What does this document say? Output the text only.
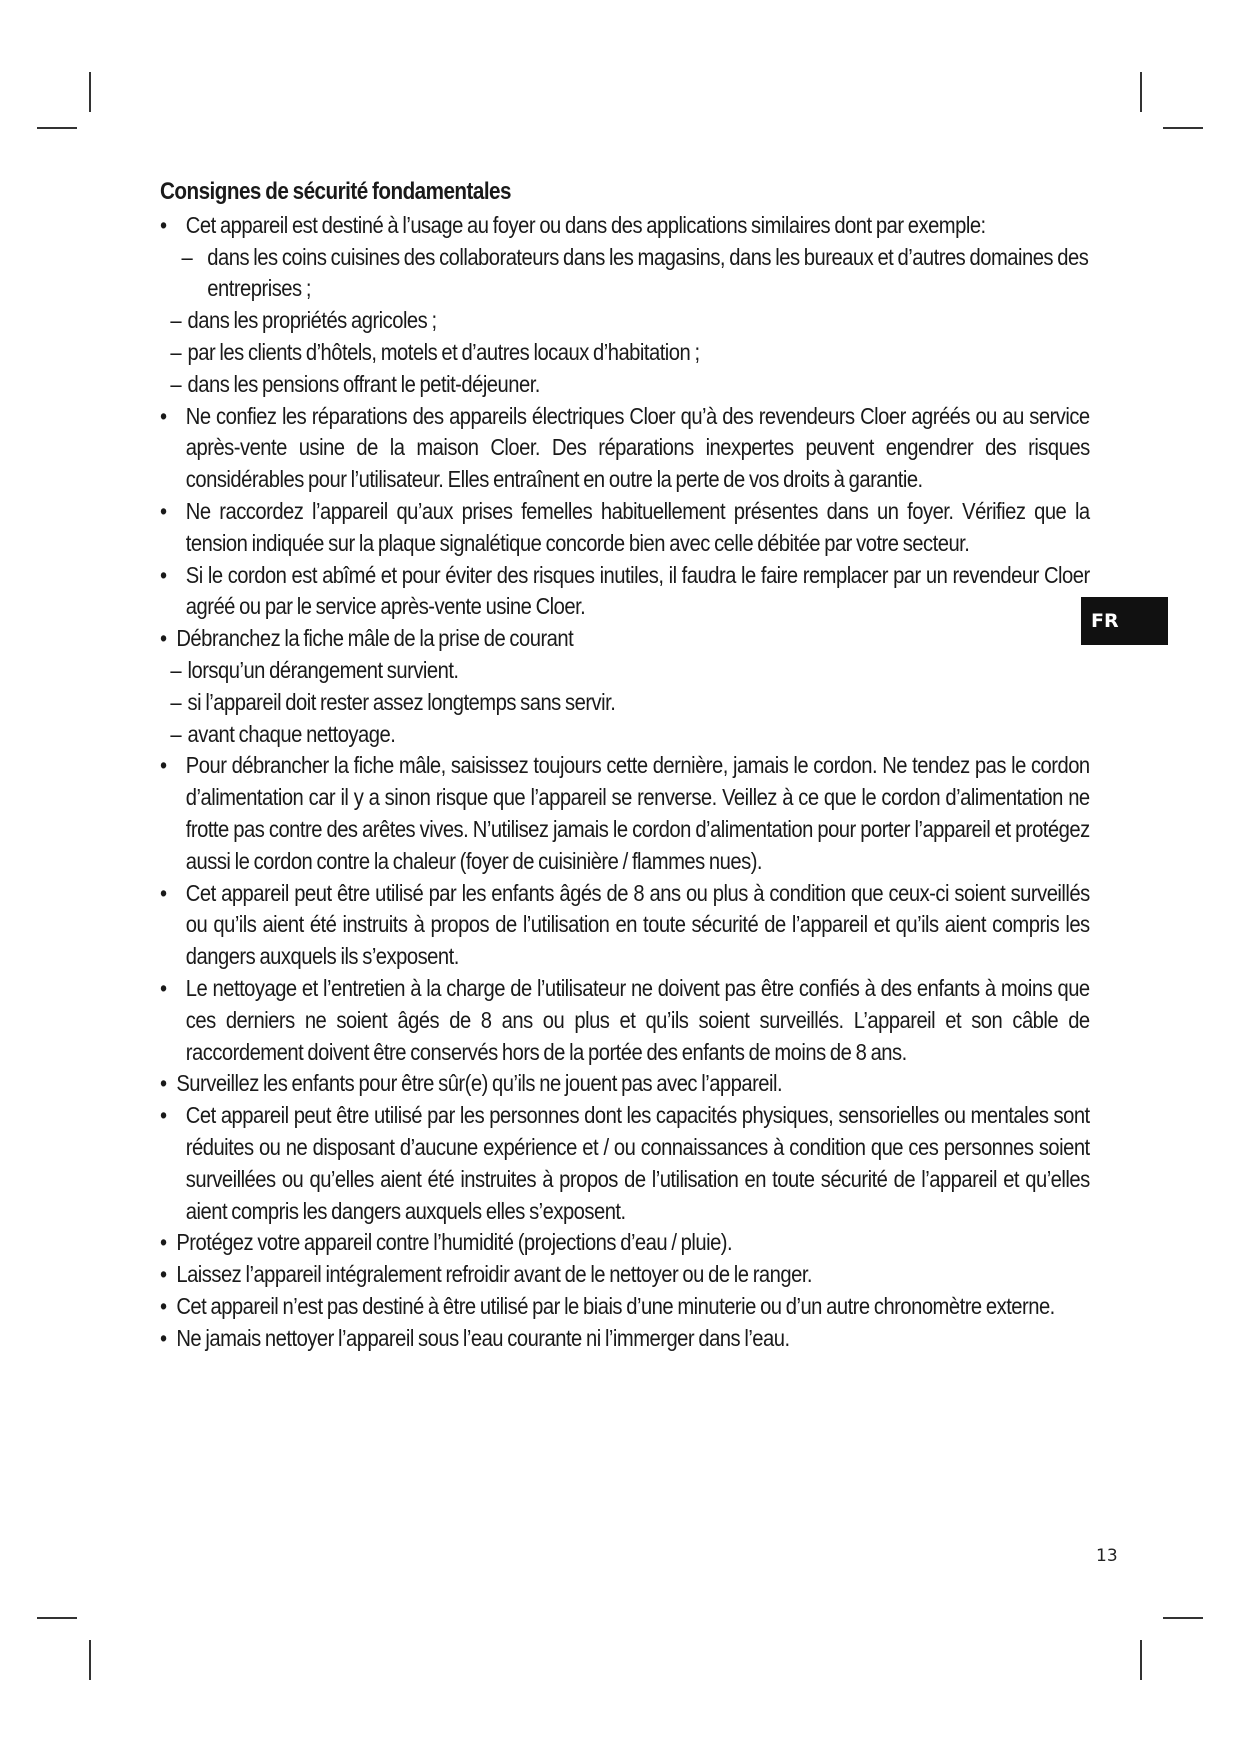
Consignes de sécurité fondamentales
• Cet appareil est destiné à l’usage au foyer ou dans des applications similaires dont par exemple:
– dans les coins cuisines des collaborateurs dans les magasins, dans les bureaux et d’autres domaines des entreprises ;
– dans les propriétés agricoles ;
– par les clients d’hôtels, motels et d’autres locaux d’habitation ;
– dans les pensions offrant le petit-déjeuner.
• Ne confiez les réparations des appareils électriques Cloer qu’à des revendeurs Cloer agréés ou au service après-vente usine de la maison Cloer. Des réparations inexpertes peuvent engendrer des risques considérables pour l’utilisateur. Elles entraînent en outre la perte de vos droits à garantie.
• Ne raccordez l’appareil qu’aux prises femelles habituellement présentes dans un foyer. Vérifiez que la tension indiquée sur la plaque signalétique concorde bien avec celle débitée par votre secteur.
• Si le cordon est abîmé et pour éviter des risques inutiles, il faudra le faire remplacer par un revendeur Cloer agréé ou par le service après-vente usine Cloer.
• Débranchez la fiche mâle de la prise de courant
– lorsqu’un dérangement survient.
– si l’appareil doit rester assez longtemps sans servir.
– avant chaque nettoyage.
• Pour débrancher la fiche mâle, saisissez toujours cette dernière, jamais le cordon. Ne tendez pas le cordon d’alimentation car il y a sinon risque que l’appareil se renverse. Veillez à ce que le cordon d’alimentation ne frotte pas contre des arêtes vives. N’utilisez jamais le cordon d’alimentation pour porter l’appareil et protégez aussi le cordon contre la chaleur (foyer de cuisinière / flammes nues).
• Cet appareil peut être utilisé par les enfants âgés de 8 ans ou plus à condition que ceux-ci soient surveillés ou qu’ils aient été instruits à propos de l’utilisation en toute sécurité de l’appareil et qu’ils aient compris les dangers auxquels ils s’exposent.
• Le nettoyage et l’entretien à la charge de l’utilisateur ne doivent pas être confiés à des enfants à moins que ces derniers ne soient âgés de 8 ans ou plus et qu’ils soient surveillés. L’appareil et son câble de raccordement doivent être conservés hors de la portée des enfants de moins de 8 ans.
• Surveillez les enfants pour être sûr(e) qu’ils ne jouent pas avec l’appareil.
• Cet appareil peut être utilisé par les personnes dont les capacités physiques, sensorielles ou mentales sont réduites ou ne disposant d’aucune expérience et / ou connaissances à condition que ces personnes soient surveillées ou qu’elles aient été instruites à propos de l’utilisation en toute sécurité de l’appareil et qu’elles aient compris les dangers auxquels elles s’exposent.
• Protégez votre appareil contre l’humidité (projections d’eau / pluie).
• Laissez l’appareil intégralement refroidir avant de le nettoyer ou de le ranger.
• Cet appareil n’est pas destiné à être utilisé par le biais d’une minuterie ou d’un autre chronomètre externe.
• Ne jamais nettoyer l’appareil sous l’eau courante ni l’immerger dans l’eau.
FR
13
